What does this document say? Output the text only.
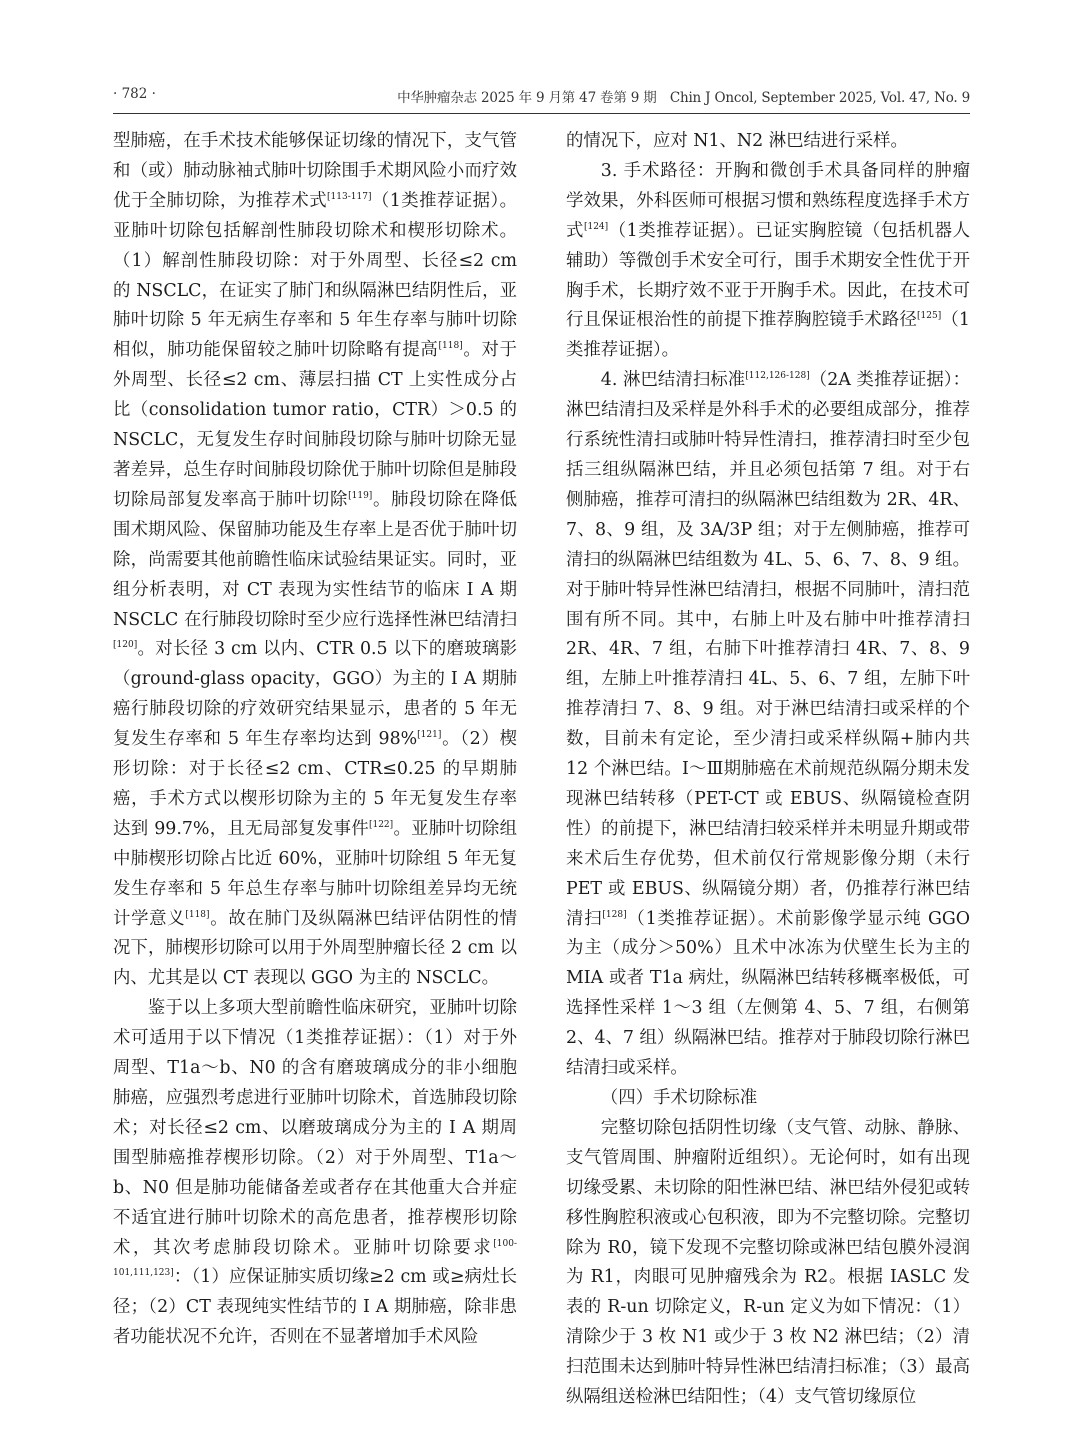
· 782 ·	中华肿瘤杂志 2025 年 9 月第 47 卷第 9 期　Chin J Oncol, September 2025, Vol. 47, No. 9

型肺癌，在手术技术能够保证切缘的情况下，支气管和（或）肺动脉袖式肺叶切除围手术期风险小而疗效优于全肺切除，为推荐术式[113-117]（1类推荐证据）。亚肺叶切除包括解剖性肺段切除术和楔形切除术。（1）解剖性肺段切除：对于外周型、长径≤2 cm 的 NSCLC，在证实了肺门和纵隔淋巴结阴性后，亚肺叶切除 5 年无病生存率和 5 年生存率与肺叶切除相似，肺功能保留较之肺叶切除略有提高[118]。对于外周型、长径≤2 cm、薄层扫描 CT 上实性成分占比（consolidation tumor ratio，CTR）＞0.5 的 NSCLC，无复发生存时间肺段切除与肺叶切除无显著差异，总生存时间肺段切除优于肺叶切除但是肺段切除局部复发率高于肺叶切除[119]。肺段切除在降低围术期风险、保留肺功能及生存率上是否优于肺叶切除，尚需要其他前瞻性临床试验结果证实。同时，亚组分析表明，对 CT 表现为实性结节的临床 Ⅰ A 期 NSCLC 在行肺段切除时至少应行选择性淋巴结清扫[120]。对长径 3 cm 以内、CTR 0.5 以下的磨玻璃影（ground-glass opacity，GGO）为主的 Ⅰ A 期肺癌行肺段切除的疗效研究结果显示，患者的 5 年无复发生存率和 5 年生存率均达到 98%[121]。（2）楔形切除：对于长径≤2 cm、CTR≤0.25 的早期肺癌，手术方式以楔形切除为主的 5 年无复发生存率达到 99.7%，且无局部复发事件[122]。亚肺叶切除组中肺楔形切除占比近 60%，亚肺叶切除组 5 年无复发生存率和 5 年总生存率与肺叶切除组差异均无统计学意义[118]。故在肺门及纵隔淋巴结评估阴性的情况下，肺楔形切除可以用于外周型肿瘤长径 2 cm 以内、尤其是以 CT 表现以 GGO 为主的 NSCLC。

鉴于以上多项大型前瞻性临床研究，亚肺叶切除术可适用于以下情况（1类推荐证据）：（1）对于外周型、T1a～b、N0 的含有磨玻璃成分的非小细胞肺癌，应强烈考虑进行亚肺叶切除术，首选肺段切除术；对长径≤2 cm、以磨玻璃成分为主的 Ⅰ A 期周围型肺癌推荐楔形切除。（2）对于外周型、T1a～b、N0 但是肺功能储备差或者存在其他重大合并症不适宜进行肺叶切除术的高危患者，推荐楔形切除术，其次考虑肺段切除术。亚肺叶切除要求[100-101,111,123]：（1）应保证肺实质切缘≥2 cm 或≥病灶长径；（2）CT 表现纯实性结节的 Ⅰ A 期肺癌，除非患者功能状况不允许，否则在不显著增加手术风险

的情况下，应对 N1、N2 淋巴结进行采样。

3. 手术路径：开胸和微创手术具备同样的肿瘤学效果，外科医师可根据习惯和熟练程度选择手术方式[124]（1类推荐证据）。已证实胸腔镜（包括机器人辅助）等微创手术安全可行，围手术期安全性优于开胸手术，长期疗效不亚于开胸手术。因此，在技术可行且保证根治性的前提下推荐胸腔镜手术路径[125]（1类推荐证据）。

4. 淋巴结清扫标准[112,126-128]（2A 类推荐证据）：淋巴结清扫及采样是外科手术的必要组成部分，推荐行系统性清扫或肺叶特异性清扫，推荐清扫时至少包括三组纵隔淋巴结，并且必须包括第 7 组。对于右侧肺癌，推荐可清扫的纵隔淋巴结组数为 2R、4R、7、8、9 组，及 3A/3P 组；对于左侧肺癌，推荐可清扫的纵隔淋巴结组数为 4L、5、6、7、8、9 组。对于肺叶特异性淋巴结清扫，根据不同肺叶，清扫范围有所不同。其中，右肺上叶及右肺中叶推荐清扫 2R、4R、7 组，右肺下叶推荐清扫 4R、7、8、9 组，左肺上叶推荐清扫 4L、5、6、7 组，左肺下叶推荐清扫 7、8、9 组。对于淋巴结清扫或采样的个数，目前未有定论，至少清扫或采样纵隔+肺内共 12 个淋巴结。Ⅰ～Ⅲ期肺癌在术前规范纵隔分期未发现淋巴结转移（PET-CT 或 EBUS、纵隔镜检查阴性）的前提下，淋巴结清扫较采样并未明显升期或带来术后生存优势，但术前仅行常规影像分期（未行 PET 或 EBUS、纵隔镜分期）者，仍推荐行淋巴结清扫[128]（1类推荐证据）。术前影像学显示纯 GGO 为主（成分＞50%）且术中冰冻为伏壁生长为主的 MIA 或者 T1a 病灶，纵隔淋巴结转移概率极低，可选择性采样 1～3 组（左侧第 4、5、7 组，右侧第 2、4、7 组）纵隔淋巴结。推荐对于肺段切除行淋巴结清扫或采样。

（四）手术切除标准

完整切除包括阴性切缘（支气管、动脉、静脉、支气管周围、肿瘤附近组织）。无论何时，如有出现切缘受累、未切除的阳性淋巴结、淋巴结外侵犯或转移性胸腔积液或心包积液，即为不完整切除。完整切除为 R0，镜下发现不完整切除或淋巴结包膜外浸润为 R1，肉眼可见肿瘤残余为 R2。根据 IASLC 发表的 R-un 切除定义，R-un 定义为如下情况：（1）清除少于 3 枚 N1 或少于 3 枚 N2 淋巴结；（2）清扫范围未达到肺叶特异性淋巴结清扫标准；（3）最高纵隔组送检淋巴结阳性；（4）支气管切缘原位
